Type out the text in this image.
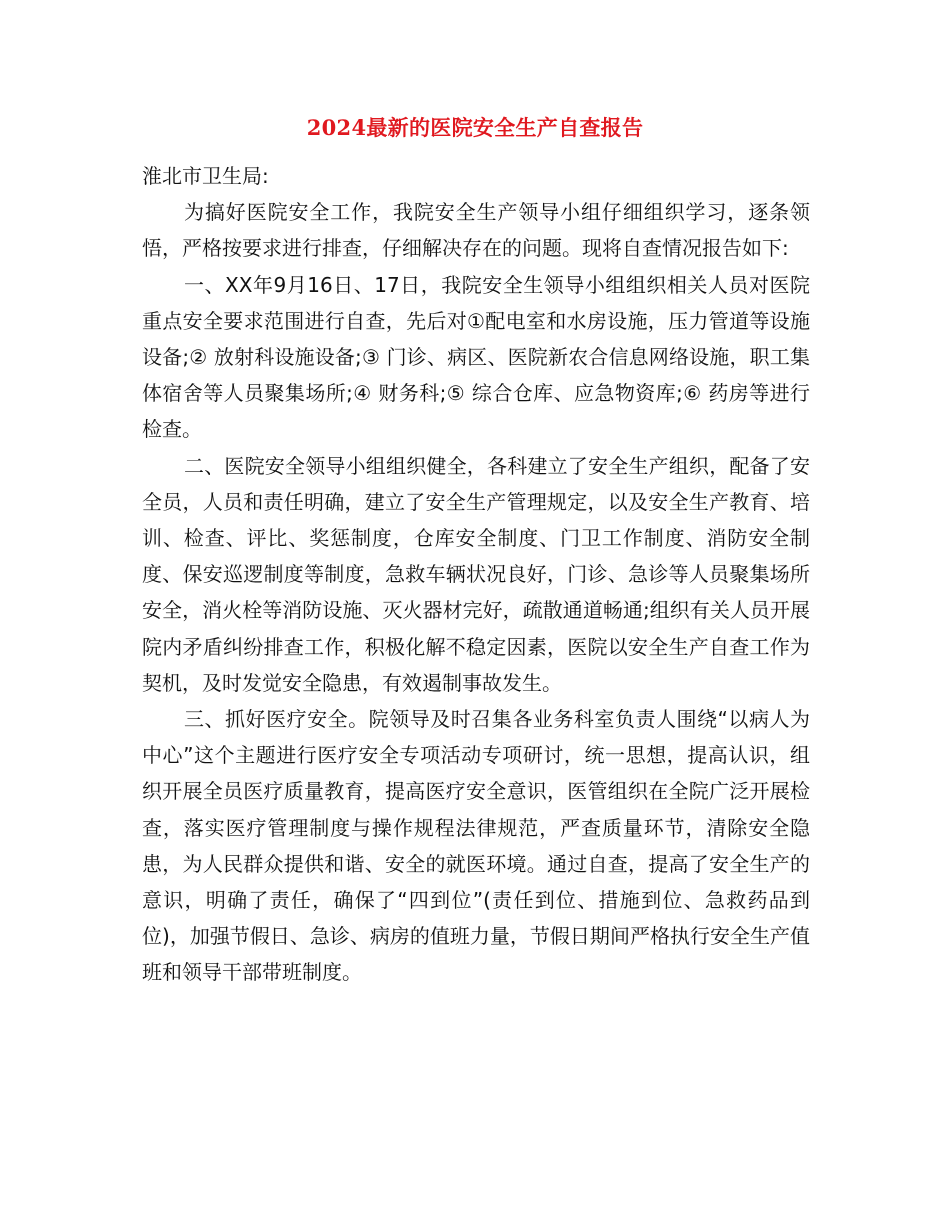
2024最新的医院安全生产自查报告

淮北市卫生局:

为搞好医院安全工作，我院安全生产领导小组仔细组织学习，逐条领悟，严格按要求进行排查，仔细解决存在的问题。现将自查情况报告如下:

一、XX年9月16日、17日，我院安全生领导小组组织相关人员对医院重点安全要求范围进行自查，先后对①配电室和水房设施，压力管道等设施设备;② 放射科设施设备;③ 门诊、病区、医院新农合信息网络设施，职工集体宿舍等人员聚集场所;④ 财务科;⑤ 综合仓库、应急物资库;⑥ 药房等进行检查。

二、医院安全领导小组组织健全，各科建立了安全生产组织，配备了安全员，人员和责任明确，建立了安全生产管理规定，以及安全生产教育、培训、检查、评比、奖惩制度，仓库安全制度、门卫工作制度、消防安全制度、保安巡逻制度等制度，急救车辆状况良好，门诊、急诊等人员聚集场所安全，消火栓等消防设施、灭火器材完好，疏散通道畅通;组织有关人员开展院内矛盾纠纷排查工作，积极化解不稳定因素，医院以安全生产自查工作为契机，及时发觉安全隐患，有效遏制事故发生。

三、抓好医疗安全。院领导及时召集各业务科室负责人围绕“以病人为中心”这个主题进行医疗安全专项活动专项研讨，统一思想，提高认识，组织开展全员医疗质量教育，提高医疗安全意识，医管组织在全院广泛开展检查，落实医疗管理制度与操作规程法律规范，严查质量环节，清除安全隐患，为人民群众提供和谐、安全的就医环境。通过自查，提高了安全生产的意识，明确了责任，确保了“四到位”(责任到位、措施到位、急救药品到位)，加强节假日、急诊、病房的值班力量，节假日期间严格执行安全生产值班和领导干部带班制度。
